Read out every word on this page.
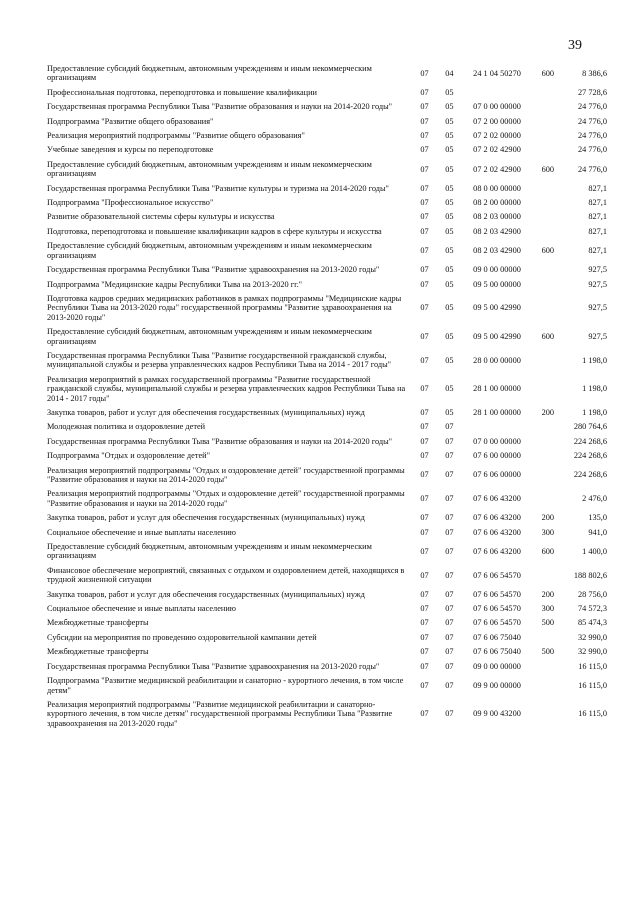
39
Предоставление субсидий бюджетным, автономным учреждениям и иным некоммерческим организациям	07	04	24 1 04 50270	600	8 386,6
Профессиональная подготовка, переподготовка и повышение квалификации	07	05			27 728,6
Государственная программа Республики Тыва "Развитие образования и науки на 2014-2020 годы"	07	05	07 0 00 00000		24 776,0
Подпрограмма "Развитие общего образования"	07	05	07 2 00 00000		24 776,0
Реализация мероприятий подпрограммы "Развитие общего образования"	07	05	07 2 02 00000		24 776,0
Учебные заведения и курсы по переподготовке	07	05	07 2 02 42900		24 776,0
Предоставление субсидий бюджетным, автономным учреждениям и иным некоммерческим организациям	07	05	07 2 02 42900	600	24 776,0
Государственная программа Республики Тыва "Развитие культуры и туризма на 2014-2020 годы"	07	05	08 0 00 00000		827,1
Подпрограмма "Профессиональное искусство"	07	05	08 2 00 00000		827,1
Развитие образовательной системы сферы культуры и искусства	07	05	08 2 03 00000		827,1
Подготовка, переподготовка и повышение квалификации кадров в сфере культуры и искусства	07	05	08 2 03 42900		827,1
Предоставление субсидий бюджетным, автономным учреждениям и иным некоммерческим организациям	07	05	08 2 03 42900	600	827,1
Государственная программа Республики Тыва "Развитие здравоохранения на 2013-2020 годы"	07	05	09 0 00 00000		927,5
Подпрограмма "Медицинские кадры Республики Тыва на 2013-2020 гг."	07	05	09 5 00 00000		927,5
Подготовка кадров средних медицинских работников в рамках подпрограммы "Медицинские кадры Республики Тыва на 2013-2020 годы" государственной программы "Развитие здравоохранения на 2013-2020 годы"	07	05	09 5 00 42990		927,5
Предоставление субсидий бюджетным, автономным учреждениям и иным некоммерческим организациям	07	05	09 5 00 42990	600	927,5
Государственная программа Республики Тыва "Развитие государственной гражданской службы, муниципальной службы и резерва управленческих кадров Республики Тыва на 2014 - 2017 годы"	07	05	28 0 00 00000		1 198,0
Реализация мероприятий в рамках государственной программы "Развитие государственной гражданской службы, муниципальной службы и резерва управленческих кадров Республики Тыва на 2014 - 2017 годы"	07	05	28 1 00 00000		1 198,0
Закупка товаров, работ и услуг для обеспечения государственных (муниципальных) нужд	07	05	28 1 00 00000	200	1 198,0
Молодежная политика и оздоровление детей	07	07			280 764,6
Государственная программа Республики Тыва "Развитие образования и науки на 2014-2020 годы"	07	07	07 0 00 00000		224 268,6
Подпрограмма "Отдых и оздоровление детей"	07	07	07 6 00 00000		224 268,6
Реализация мероприятий подпрограммы "Отдых и оздоровление детей" государственной программы "Развитие образования и науки на 2014-2020 годы"	07	07	07 6 06 00000		224 268,6
Реализация мероприятий подпрограммы "Отдых и оздоровление детей" государственной программы "Развитие образования и науки на 2014-2020 годы"	07	07	07 6 06 43200		2 476,0
Закупка товаров, работ и услуг для обеспечения государственных (муниципальных) нужд	07	07	07 6 06 43200	200	135,0
Социальное обеспечение и иные выплаты населению	07	07	07 6 06 43200	300	941,0
Предоставление субсидий бюджетным, автономным учреждениям и иным некоммерческим организациям	07	07	07 6 06 43200	600	1 400,0
Финансовое обеспечение мероприятий, связанных с отдыхом и оздоровлением детей, находящихся в трудной жизненной ситуации	07	07	07 6 06 54570		188 802,6
Закупка товаров, работ и услуг для обеспечения государственных (муниципальных) нужд	07	07	07 6 06 54570	200	28 756,0
Социальное обеспечение и иные выплаты населению	07	07	07 6 06 54570	300	74 572,3
Межбюджетные трансферты	07	07	07 6 06 54570	500	85 474,3
Субсидии на мероприятия по проведению оздоровительной кампании детей	07	07	07 6 06 75040		32 990,0
Межбюджетные трансферты	07	07	07 6 06 75040	500	32 990,0
Государственная программа Республики Тыва "Развитие здравоохранения на 2013-2020 годы"	07	07	09 0 00 00000		16 115,0
Подпрограмма "Развитие медицинской реабилитации и санаторно - курортного лечения, в том числе детям"	07	07	09 9 00 00000		16 115,0
Реализация мероприятий подпрограммы "Развитие медицинской реабилитации и санаторно-курортного лечения, в том числе детям" государственной программы Республики Тыва "Развитие здравоохранения на 2013-2020 годы"	07	07	09 9 00 43200		16 115,0
